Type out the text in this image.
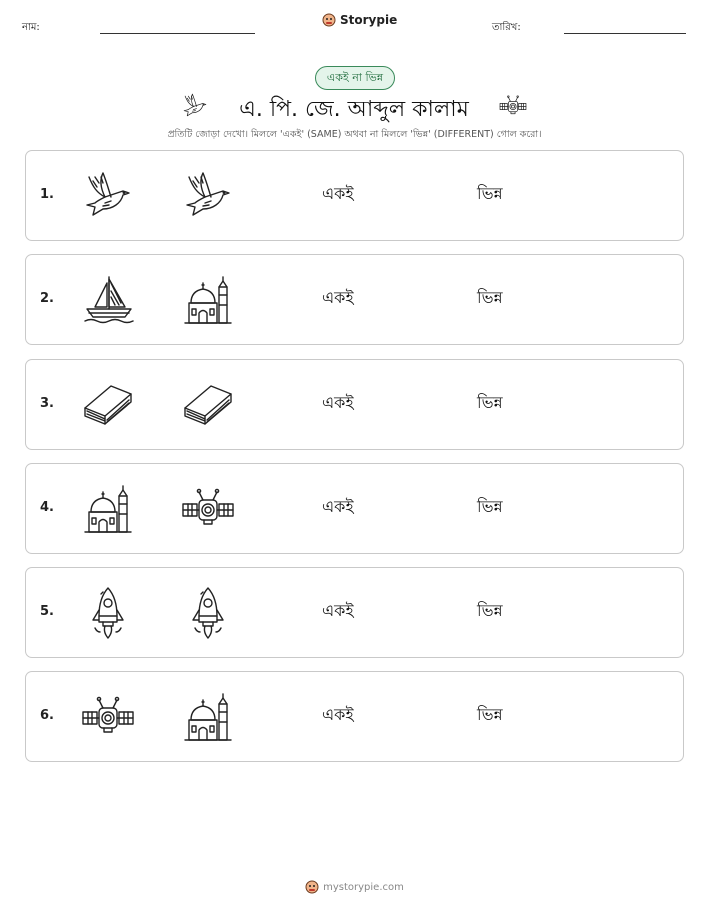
নাম:
Storypie
তারিখ:
একই না ভিন্ন
এ. পি. জে. আব্দুল কালাম
প্রতিটি জোড়া দেখো। মিললে 'একই' (SAME) অথবা না মিললে 'ভিন্ন' (DIFFERENT) গোল করো।
1.	একই	ভিন্ন
2.	একই	ভিন্ন
3.	একই	ভিন্ন
4.	একই	ভিন্ন
5.	একই	ভিন্ন
6.	একই	ভিন্ন
mystorypie.com
